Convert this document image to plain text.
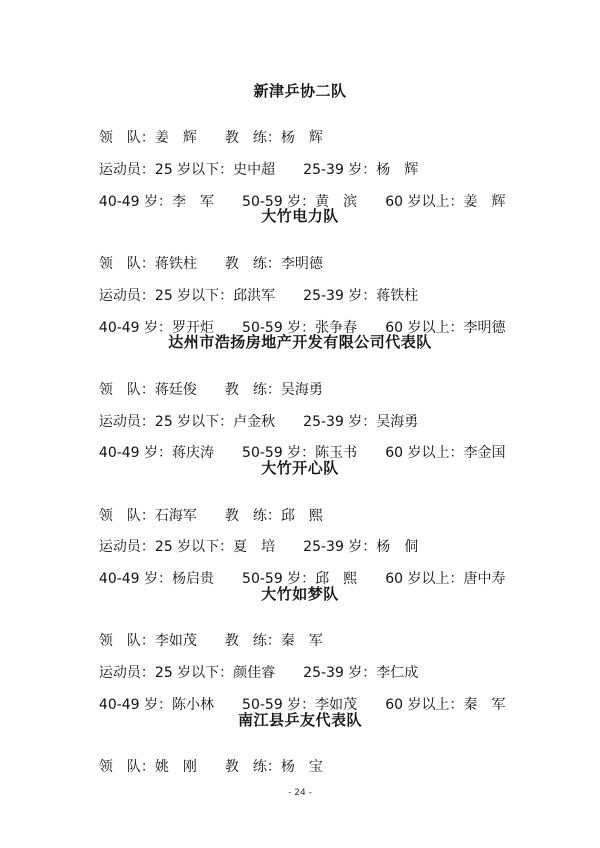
新津乒协二队

领　队：姜　辉 教　练：杨　辉

运动员：25 岁以下：史中超 25-39 岁：杨　辉

40-49 岁：李　军 50-59 岁：黄　滨 60 岁以上：姜　辉

大竹电力队

领　队：蒋铁柱 教　练：李明德

运动员：25 岁以下：邱洪军 25-39 岁：蒋铁柱

40-49 岁：罗开炬 50-59 岁：张争春 60 岁以上：李明德

达州市浩扬房地产开发有限公司代表队

领　队：蒋廷俊 教　练：吴海勇

运动员：25 岁以下：卢金秋 25-39 岁：吴海勇

40-49 岁：蒋庆涛 50-59 岁：陈玉书 60 岁以上：李金国

大竹开心队

领　队：石海军 教　练：邱　熙

运动员：25 岁以下：夏　培 25-39 岁：杨　侗

40-49 岁：杨启贵 50-59 岁：邱　熙 60 岁以上：唐中寿

大竹如梦队

领　队：李如茂 教　练：秦　军

运动员：25 岁以下：颜佳睿 25-39 岁：李仁成

40-49 岁：陈小林 50-59 岁：李如茂 60 岁以上：秦　军

南江县乒友代表队

领　队：姚　刚 教　练：杨　宝

- 24 -
